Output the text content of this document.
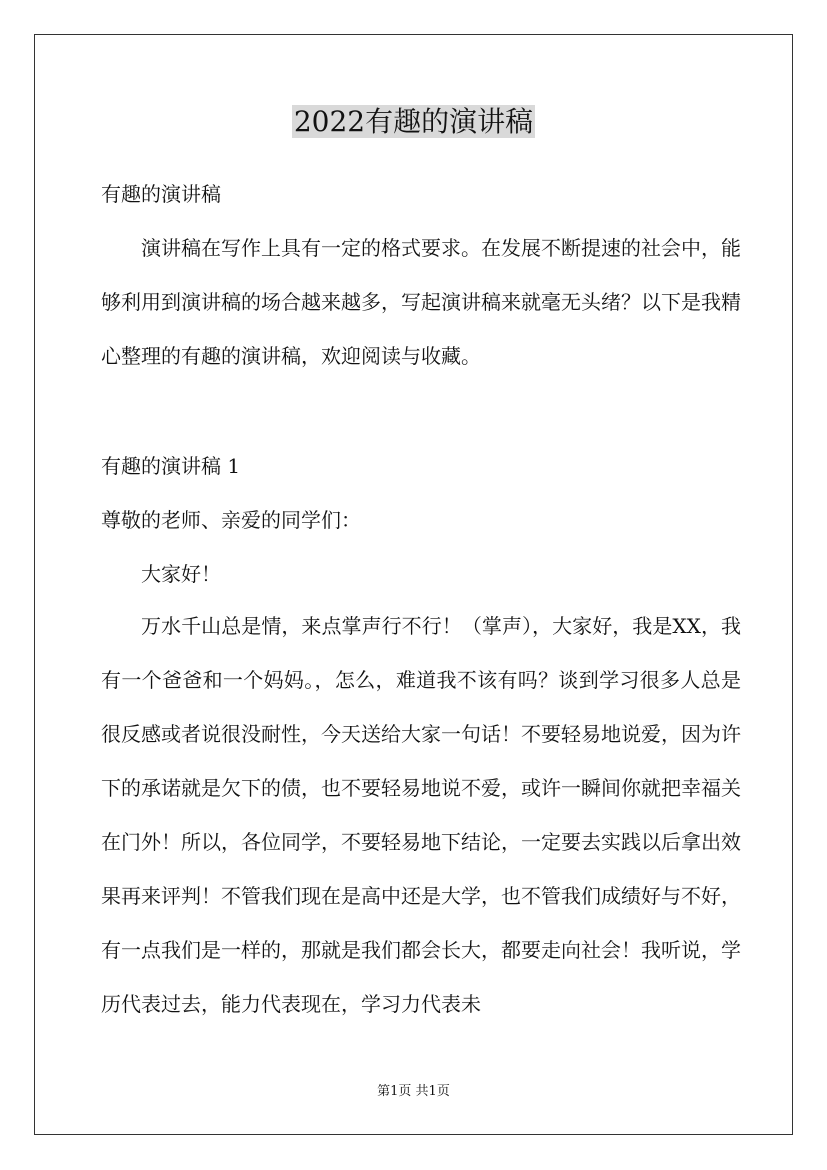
2022有趣的演讲稿

有趣的演讲稿

演讲稿在写作上具有一定的格式要求。在发展不断提速的社会中，能够利用到演讲稿的场合越来越多，写起演讲稿来就毫无头绪？以下是我精心整理的有趣的演讲稿，欢迎阅读与收藏。

有趣的演讲稿 1

尊敬的老师、亲爱的同学们：

大家好！

万水千山总是情，来点掌声行不行！（掌声），大家好，我是XX，我有一个爸爸和一个妈妈。，怎么，难道我不该有吗？谈到学习很多人总是很反感或者说很没耐性，今天送给大家一句话！不要轻易地说爱，因为许下的承诺就是欠下的债，也不要轻易地说不爱，或许一瞬间你就把幸福关在门外！所以，各位同学，不要轻易地下结论，一定要去实践以后拿出效果再来评判！不管我们现在是高中还是大学，也不管我们成绩好与不好，有一点我们是一样的，那就是我们都会长大，都要走向社会！我听说，学历代表过去，能力代表现在，学习力代表未

第1页 共1页
